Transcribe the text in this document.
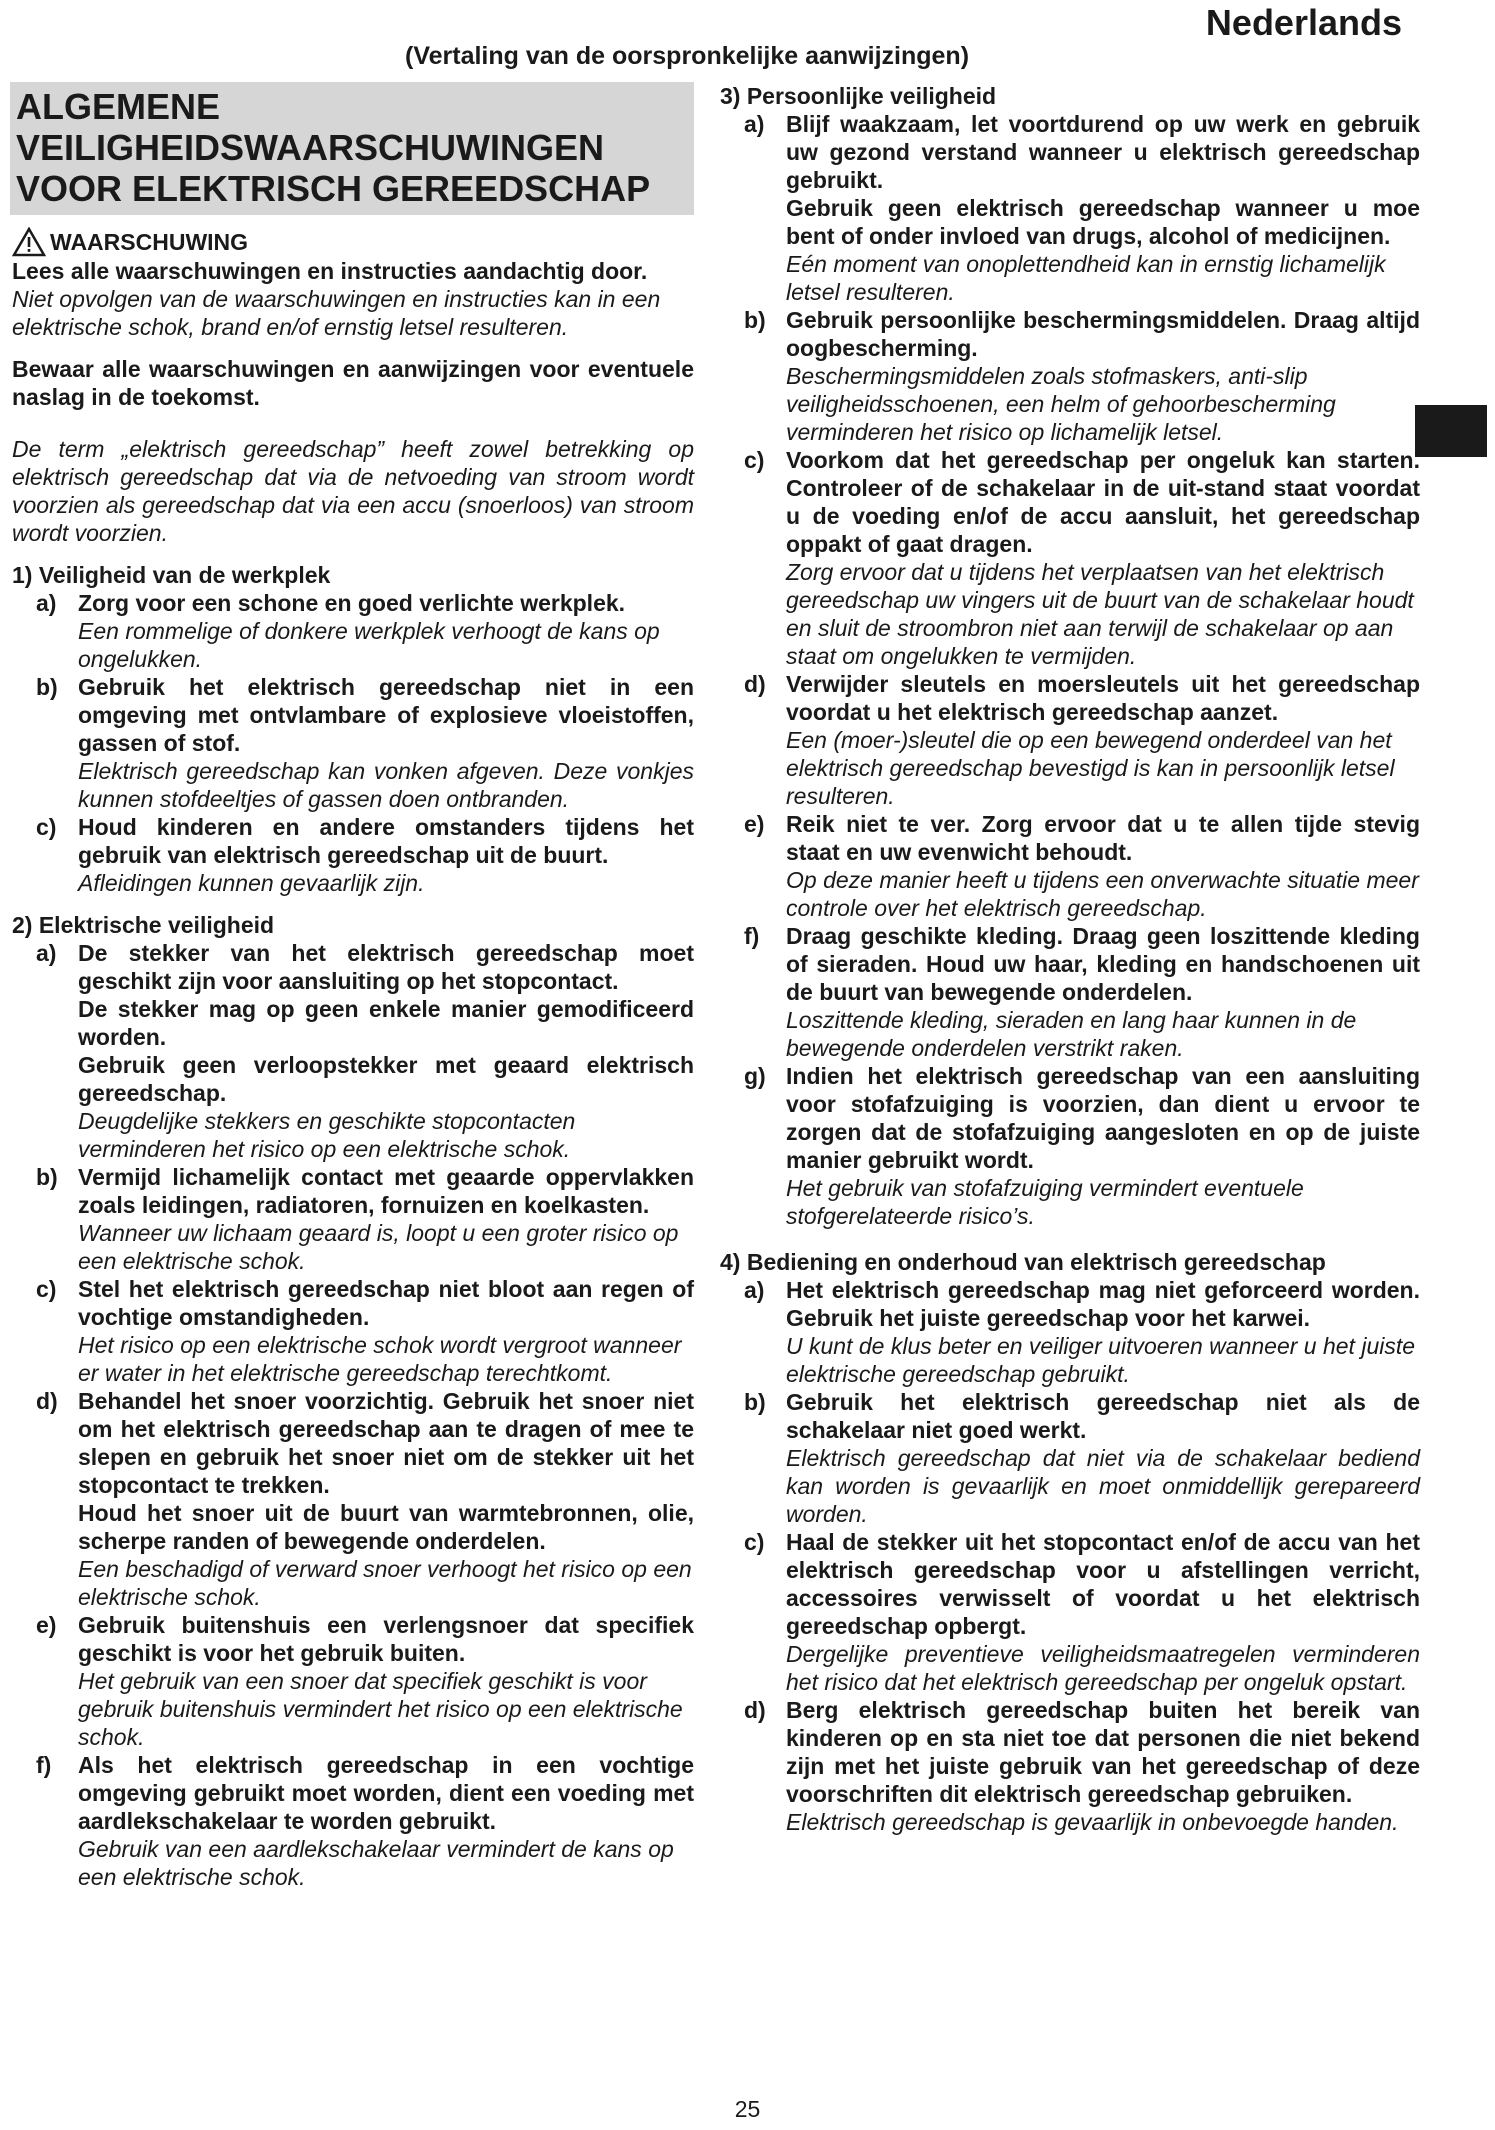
Nederlands
(Vertaling van de oorspronkelijke aanwijzingen)
ALGEMENE VEILIGHEIDSWAARSCHUWINGEN VOOR ELEKTRISCH GEREEDSCHAP
WAARSCHUWING

Lees alle waarschuwingen en instructies aandachtig door.

Niet opvolgen van de waarschuwingen en instructies kan in een elektrische schok, brand en/of ernstig letsel resulteren.

Bewaar alle waarschuwingen en aanwijzingen voor eventuele naslag in de toekomst.

De term „elektrisch gereedschap” heeft zowel betrekking op elektrisch gereedschap dat via de netvoeding van stroom wordt voorzien als gereedschap dat via een accu (snoerloos) van stroom wordt voorzien.

1) Veiligheid van de werkplek

a) Zorg voor een schone en goed verlichte werkplek.

Een rommelige of donkere werkplek verhoogt de kans op ongelukken.

b) Gebruik het elektrisch gereedschap niet in een omgeving met ontvlambare of explosieve vloeistoffen, gassen of stof.

Elektrisch gereedschap kan vonken afgeven. Deze vonkjes kunnen stofdeeltjes of gassen doen ontbranden.

c) Houd kinderen en andere omstanders tijdens het gebruik van elektrisch gereedschap uit de buurt.

Afleidingen kunnen gevaarlijk zijn.

2) Elektrische veiligheid

a) De stekker van het elektrisch gereedschap moet geschikt zijn voor aansluiting op het stopcontact.

De stekker mag op geen enkele manier gemodificeerd worden.

Gebruik geen verloopstekker met geaard elektrisch gereedschap.

Deugdelijke stekkers en geschikte stopcontacten verminderen het risico op een elektrische schok.

b) Vermijd lichamelijk contact met geaarde oppervlakken zoals leidingen, radiatoren, fornuizen en koelkasten.

Wanneer uw lichaam geaard is, loopt u een groter risico op een elektrische schok.

c) Stel het elektrisch gereedschap niet bloot aan regen of vochtige omstandigheden.

Het risico op een elektrische schok wordt vergroot wanneer er water in het elektrische gereedschap terechtkomt.

d) Behandel het snoer voorzichtig. Gebruik het snoer niet om het elektrisch gereedschap aan te dragen of mee te slepen en gebruik het snoer niet om de stekker uit het stopcontact te trekken.

Houd het snoer uit de buurt van warmtebronnen, olie, scherpe randen of bewegende onderdelen.

Een beschadigd of verward snoer verhoogt het risico op een elektrische schok.

e) Gebruik buitenshuis een verlengsnoer dat specifiek geschikt is voor het gebruik buiten.

Het gebruik van een snoer dat specifiek geschikt is voor gebruik buitenshuis vermindert het risico op een elektrische schok.

f)	Als het elektrisch gereedschap in een vochtige omgeving gebruikt moet worden, dient een voeding met aardlekschakelaar te worden gebruikt.

Gebruik van een aardlekschakelaar vermindert de kans op een elektrische schok.

3) Persoonlijke veiligheid

a) Blijf waakzaam, let voortdurend op uw werk en gebruik uw gezond verstand wanneer u elektrisch gereedschap gebruikt.

Gebruik geen elektrisch gereedschap wanneer u moe bent of onder invloed van drugs, alcohol of medicijnen.

Eén moment van onoplettendheid kan in ernstig lichamelijk letsel resulteren.

b) Gebruik persoonlijke beschermingsmiddelen. Draag altijd oogbescherming.

Beschermingsmiddelen zoals stofmaskers, anti-slip veiligheidsschoenen, een helm of gehoorbescherming verminderen het risico op lichamelijk letsel.

c) Voorkom dat het gereedschap per ongeluk kan starten. Controleer of de schakelaar in de uit-stand staat voordat u de voeding en/of de accu aansluit, het gereedschap oppakt of gaat dragen.

Zorg ervoor dat u tijdens het verplaatsen van het elektrisch gereedschap uw vingers uit de buurt van de schakelaar houdt en sluit de stroombron niet aan terwijl de schakelaar op aan staat om ongelukken te vermijden.

d) Verwijder sleutels en moersleutels uit het gereedschap voordat u het elektrisch gereedschap aanzet.

Een (moer-)sleutel die op een bewegend onderdeel van het elektrisch gereedschap bevestigd is kan in persoonlijk letsel resulteren.

e) Reik niet te ver. Zorg ervoor dat u te allen tijde stevig staat en uw evenwicht behoudt.

Op deze manier heeft u tijdens een onverwachte situatie meer controle over het elektrisch gereedschap.

f)	Draag geschikte kleding. Draag geen loszittende kleding of sieraden. Houd uw haar, kleding en handschoenen uit de buurt van bewegende onderdelen.

Loszittende kleding, sieraden en lang haar kunnen in de bewegende onderdelen verstrikt raken.

g) Indien het elektrisch gereedschap van een aansluiting voor stofafzuiging is voorzien, dan dient u ervoor te zorgen dat de stofafzuiging aangesloten en op de juiste manier gebruikt wordt.

Het gebruik van stofafzuiging vermindert eventuele stofgerelateerde risico’s.

4) Bediening en onderhoud van elektrisch gereedschap

a) Het elektrisch gereedschap mag niet geforceerd worden. Gebruik het juiste gereedschap voor het karwei.

U kunt de klus beter en veiliger uitvoeren wanneer u het juiste elektrische gereedschap gebruikt.

b) Gebruik het elektrisch gereedschap niet als de schakelaar niet goed werkt.

Elektrisch gereedschap dat niet via de schakelaar bediend kan worden is gevaarlijk en moet onmiddellijk gerepareerd worden.

c) Haal de stekker uit het stopcontact en/of de accu van het elektrisch gereedschap voor u afstellingen verricht, accessoires verwisselt of voordat u het elektrisch gereedschap opbergt.

Dergelijke preventieve veiligheidsmaatregelen verminderen het risico dat het elektrisch gereedschap per ongeluk opstart.

d) Berg elektrisch gereedschap buiten het bereik van kinderen op en sta niet toe dat personen die niet bekend zijn met het juiste gebruik van het gereedschap of deze voorschriften dit elektrisch gereedschap gebruiken.

Elektrisch gereedschap is gevaarlijk in onbevoegde handen.

25
